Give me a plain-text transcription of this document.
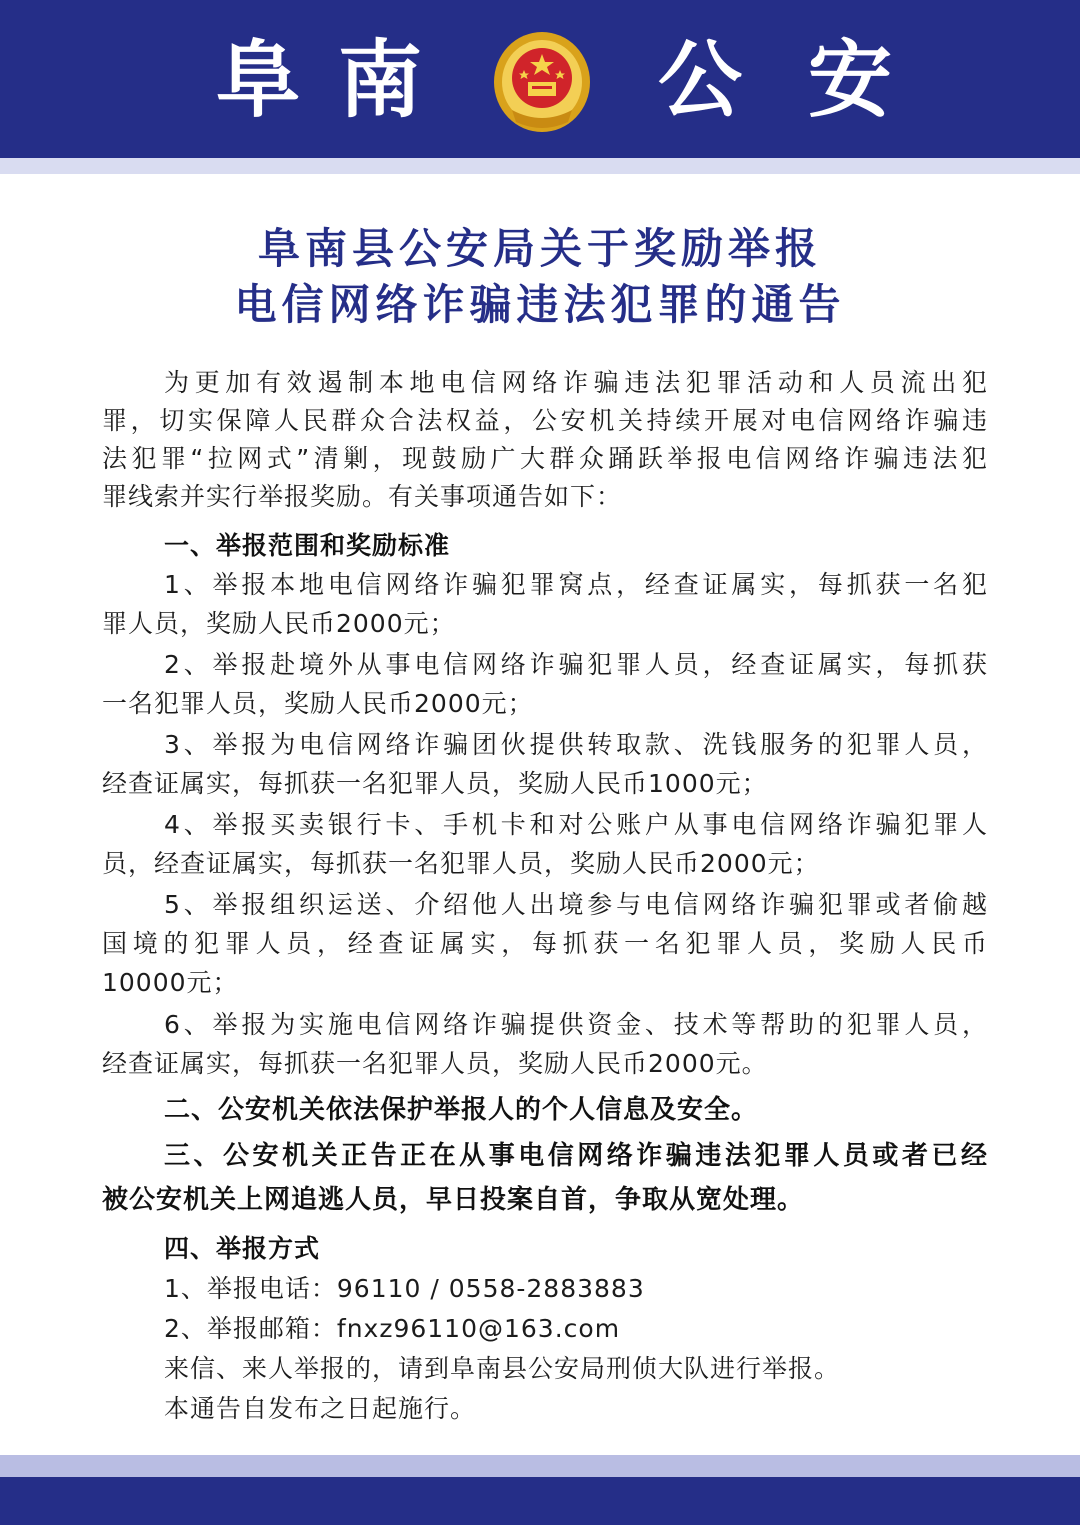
阜 南	公 安
阜南县公安局关于奖励举报
电信网络诈骗违法犯罪的通告
为更加有效遏制本地电信网络诈骗违法犯罪活动和人员流出犯
罪，切实保障人民群众合法权益，公安机关持续开展对电信网络诈骗违
法犯罪“拉网式”清剿，现鼓励广大群众踊跃举报电信网络诈骗违法犯
罪线索并实行举报奖励。有关事项通告如下：
一、举报范围和奖励标准
1、举报本地电信网络诈骗犯罪窝点，经查证属实，每抓获一名犯
罪人员，奖励人民币2000元；
2、举报赴境外从事电信网络诈骗犯罪人员，经查证属实，每抓获
一名犯罪人员，奖励人民币2000元；
3、举报为电信网络诈骗团伙提供转取款、洗钱服务的犯罪人员，
经查证属实，每抓获一名犯罪人员，奖励人民币1000元；
4、举报买卖银行卡、手机卡和对公账户从事电信网络诈骗犯罪人
员，经查证属实，每抓获一名犯罪人员，奖励人民币2000元；
5、举报组织运送、介绍他人出境参与电信网络诈骗犯罪或者偷越
国境的犯罪人员，经查证属实，每抓获一名犯罪人员，奖励人民币
10000元；
6、举报为实施电信网络诈骗提供资金、技术等帮助的犯罪人员，
经查证属实，每抓获一名犯罪人员，奖励人民币2000元。
二、公安机关依法保护举报人的个人信息及安全。
三、公安机关正告正在从事电信网络诈骗违法犯罪人员或者已经
被公安机关上网追逃人员，早日投案自首，争取从宽处理。
四、举报方式
1、举报电话：96110 / 0558-2883883
2、举报邮箱：fnxz96110@163.com
来信、来人举报的，请到阜南县公安局刑侦大队进行举报。
本通告自发布之日起施行。
